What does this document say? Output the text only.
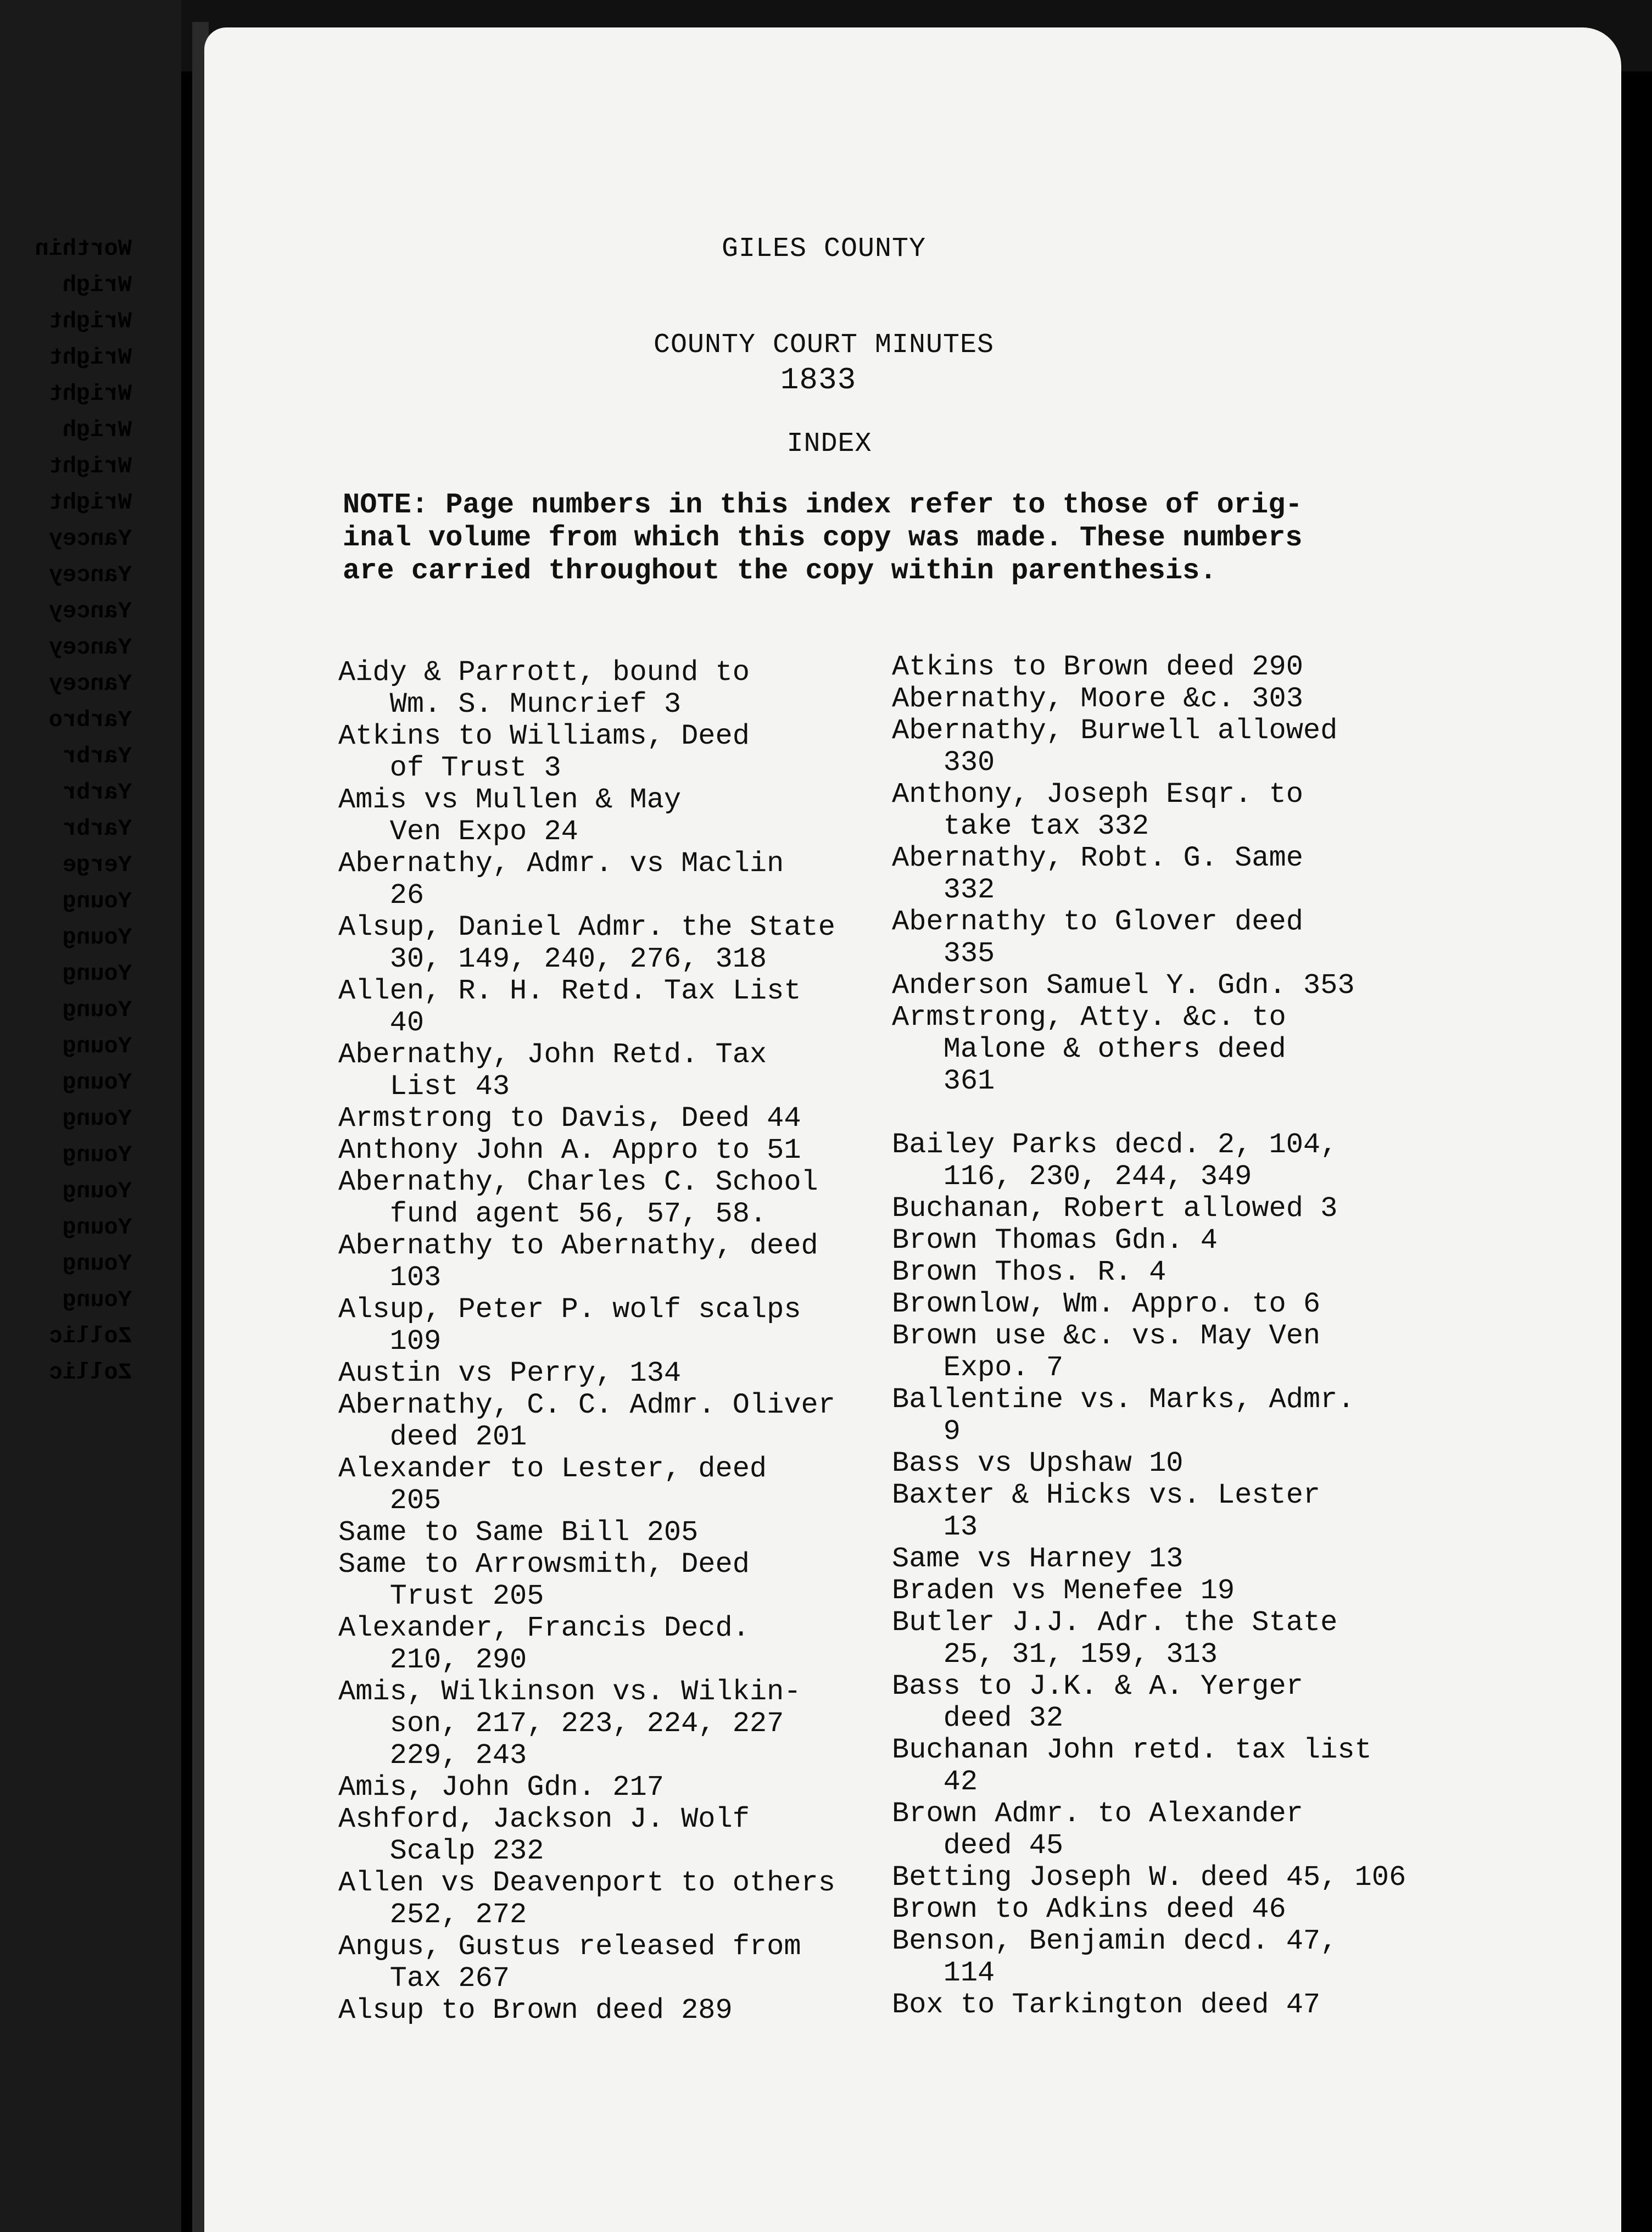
Worthin
Wrigh
Wright
Wright
Wright
Wrigh
Wright
Wright
Yancey
Yancey
Yancey
Yancey
Yancey
Yarbro
Yarbr
Yarbr
Yarbr
Yerge
Young
Young
Young
Young
Young
Young
Young
Young
Young
Young
Young
Young
Zollic
Zollic
GILES COUNTY
COUNTY COURT MINUTES
1833
INDEX
NOTE: Page numbers in this index refer to those of orig-
inal volume from which this copy was made. These numbers
are carried throughout the copy within parenthesis.
Aidy & Parrott, bound to
Wm. S. Muncrief 3
Atkins to Williams, Deed
of Trust 3
Amis vs Mullen & May
Ven Expo 24
Abernathy, Admr. vs Maclin
26
Alsup, Daniel Admr. the State
30, 149, 240, 276, 318
Allen, R. H. Retd. Tax List
40
Abernathy, John Retd. Tax
List 43
Armstrong to Davis, Deed 44
Anthony John A. Appro to 51
Abernathy, Charles C. School
fund agent 56, 57, 58.
Abernathy to Abernathy, deed
103
Alsup, Peter P. wolf scalps
109
Austin vs Perry, 134
Abernathy, C. C. Admr. Oliver
deed 201
Alexander to Lester, deed
205
Same to Same Bill 205
Same to Arrowsmith, Deed
Trust 205
Alexander, Francis Decd.
210, 290
Amis, Wilkinson vs. Wilkin-
son, 217, 223, 224, 227
229, 243
Amis, John Gdn. 217
Ashford, Jackson J. Wolf
Scalp 232
Allen vs Deavenport to others
252, 272
Angus, Gustus released from
Tax 267
Alsup to Brown deed 289
Atkins to Brown deed 290
Abernathy, Moore &c. 303
Abernathy, Burwell allowed
330
Anthony, Joseph Esqr. to
take tax 332
Abernathy, Robt. G. Same
332
Abernathy to Glover deed
335
Anderson Samuel Y. Gdn. 353
Armstrong, Atty. &c. to
Malone & others deed
361

Bailey Parks decd. 2, 104,
116, 230, 244, 349
Buchanan, Robert allowed 3
Brown Thomas Gdn. 4
Brown Thos. R. 4
Brownlow, Wm. Appro. to 6
Brown use &c. vs. May Ven
Expo. 7
Ballentine vs. Marks, Admr.
9
Bass vs Upshaw 10
Baxter & Hicks vs. Lester
13
Same vs Harney 13
Braden vs Menefee 19
Butler J.J. Adr. the State
25, 31, 159, 313
Bass to J.K. & A. Yerger
deed 32
Buchanan John retd. tax list
42
Brown Admr. to Alexander
deed 45
Betting Joseph W. deed 45, 106
Brown to Adkins deed 46
Benson, Benjamin decd. 47,
114
Box to Tarkington deed 47
